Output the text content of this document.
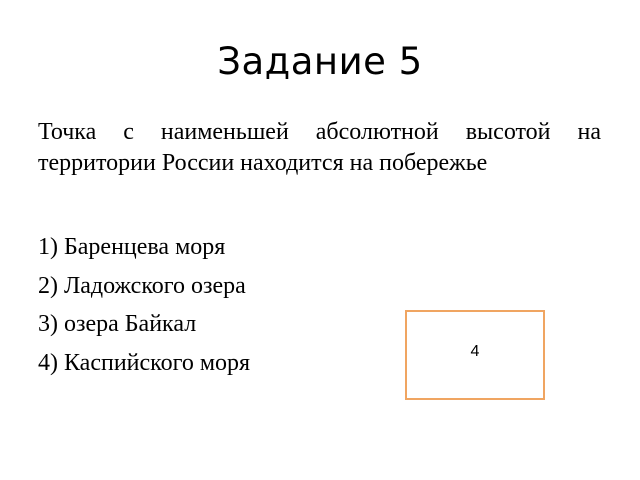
Задание 5
Точка с наименьшей абсолютной высотой на территории России находится на побережье
1) Баренцева моря
2) Ладожского озера
3) озера Байкал
4) Каспийского моря	4
